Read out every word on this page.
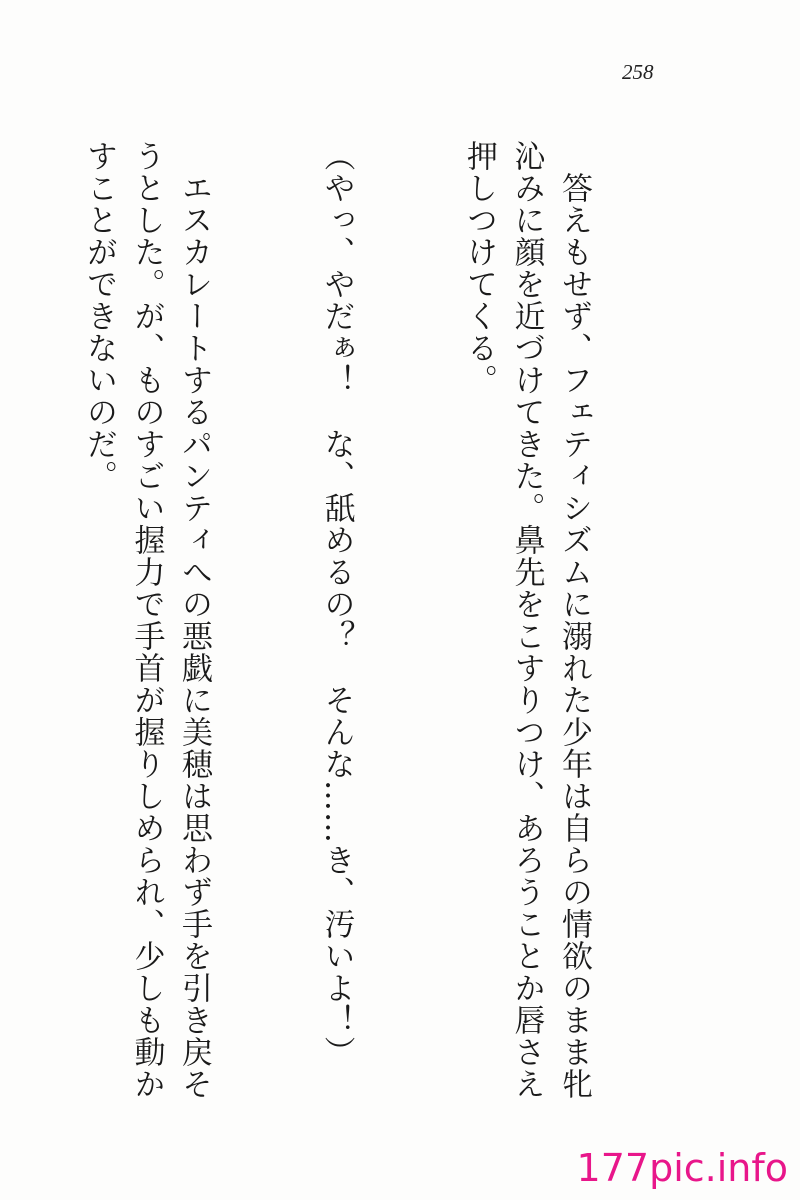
258

　答えもせず、フェティシズムに溺れた少年は自らの情欲のまま牝沁みに顔を近づけてきた。鼻先をこすりつけ、あろうことか唇さえ押しつけてくる。

（やっ、やだぁ！　な、舐めるの？　そんな……き、汚いよ！）

　エスカレートするパンティへの悪戯に美穂は思わず手を引き戻そうとした。が、ものすごい握力で手首が握りしめられ、少しも動かすことができないのだ。

177pic.info
